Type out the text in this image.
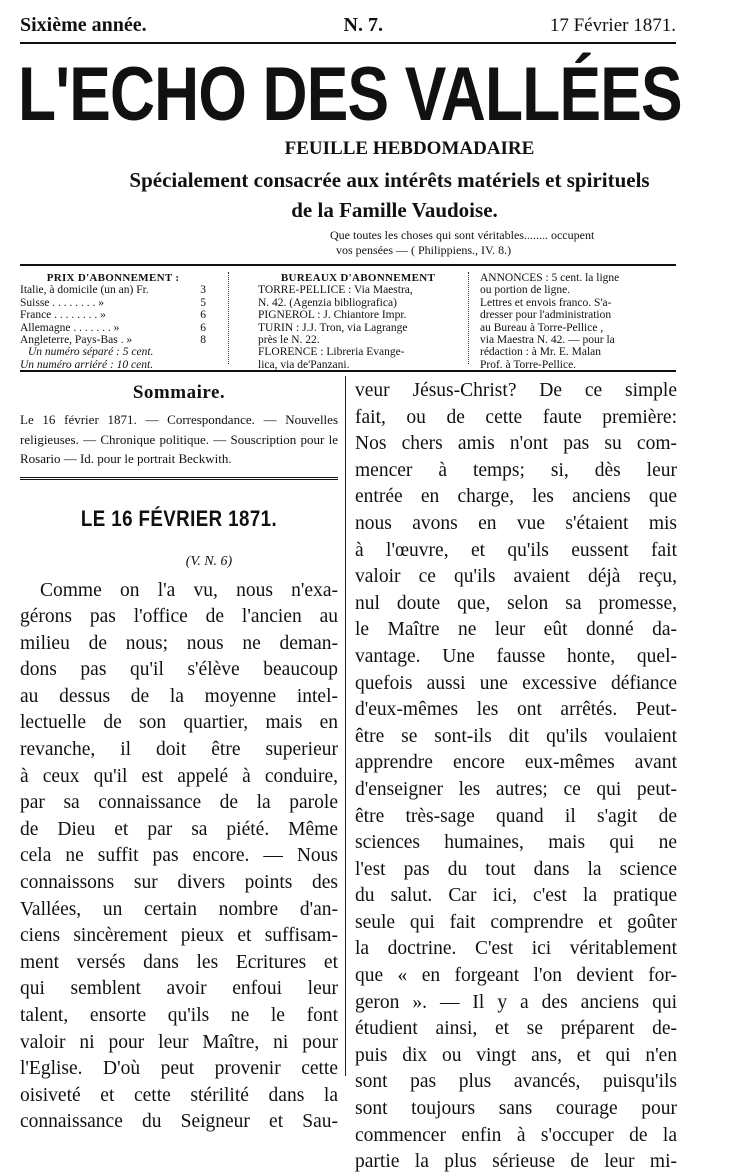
Sixième année.	N. 7.	17 Février 1871.
L'ECHO DES VALLÉES
FEUILLE HEBDOMADAIRE
Spécialement consacrée aux intérêts matériels et spirituels
de la Famille Vaudoise.
Que toutes les choses qui sont véritables........ occupent
vos pensées — ( Philippiens., IV. 8.)
PRIX D'ABONNEMENT :
Italie, à domicile (un an) Fr.	3
Suisse . . . . . . . . »	5
France . . . . . . . . »	6
Allemagne . . . . . . . »	6
Angleterre, Pays-Bas . »	8
Un numéro séparé : 5 cent.
Un numéro arriéré : 10 cent.
BUREAUX D'ABONNEMENT
TORRE-PELLICE : Via Maestra,
N. 42. (Agenzia bibliografica)
PIGNEROL : J. Chiantore Impr.
TURIN : J.J. Tron, via Lagrange
près le N. 22.
FLORENCE : Libreria Evange-
lica, via de'Panzani.
ANNONCES : 5 cent. la ligne
ou portion de ligne.
Lettres et envois franco. S'a-
dresser pour l'administration
au Bureau à Torre-Pellice ,
via Maestra N. 42. — pour la
rédaction : à Mr. E. Malan
Prof. à Torre-Pellice.
Sommaire.
Le 16 février 1871. — Correspondance. — Nouvelles religieuses. — Chronique politique. — Souscription pour le Rosario — Id. pour le portrait Beckwith.
LE 16 FÉVRIER 1871.
(V. N. 6)
Comme on l'a vu, nous n'exa-
gérons pas l'office de l'ancien au
milieu de nous; nous ne deman-
dons pas qu'il s'élève beaucoup
au dessus de la moyenne intel-
lectuelle de son quartier, mais en
revanche, il doit être superieur
à ceux qu'il est appelé à conduire,
par sa connaissance de la parole
de Dieu et par sa piété. Même
cela ne suffit pas encore. — Nous
connaissons sur divers points des
Vallées, un certain nombre d'an-
ciens sincèrement pieux et suffisam-
ment versés dans les Ecritures et
qui semblent avoir enfoui leur
talent, ensorte qu'ils ne le font
valoir ni pour leur Maître, ni pour
l'Eglise. D'où peut provenir cette
oisiveté et cette stérilité dans la
connaissance du Seigneur et Sau-
veur Jésus-Christ? De ce simple
fait, ou de cette faute première:
Nos chers amis n'ont pas su com-
mencer à temps; si, dès leur
entrée en charge, les anciens que
nous avons en vue s'étaient mis
à l'œuvre, et qu'ils eussent fait
valoir ce qu'ils avaient déjà reçu,
nul doute que, selon sa promesse,
le Maître ne leur eût donné da-
vantage. Une fausse honte, quel-
quefois aussi une excessive défiance
d'eux-mêmes les ont arrêtés. Peut-
être se sont-ils dit qu'ils voulaient
apprendre encore eux-mêmes avant
d'enseigner les autres; ce qui peut-
être très-sage quand il s'agit de
sciences humaines, mais qui ne
l'est pas du tout dans la science
du salut. Car ici, c'est la pratique
seule qui fait comprendre et goûter
la doctrine. C'est ici véritablement
que « en forgeant l'on devient for-
geron ». — Il y a des anciens qui
étudient ainsi, et se préparent de-
puis dix ou vingt ans, et qui n'en
sont pas plus avancés, puisqu'ils
sont toujours sans courage pour
commencer enfin à s'occuper de la
partie la plus sérieuse de leur mi-
